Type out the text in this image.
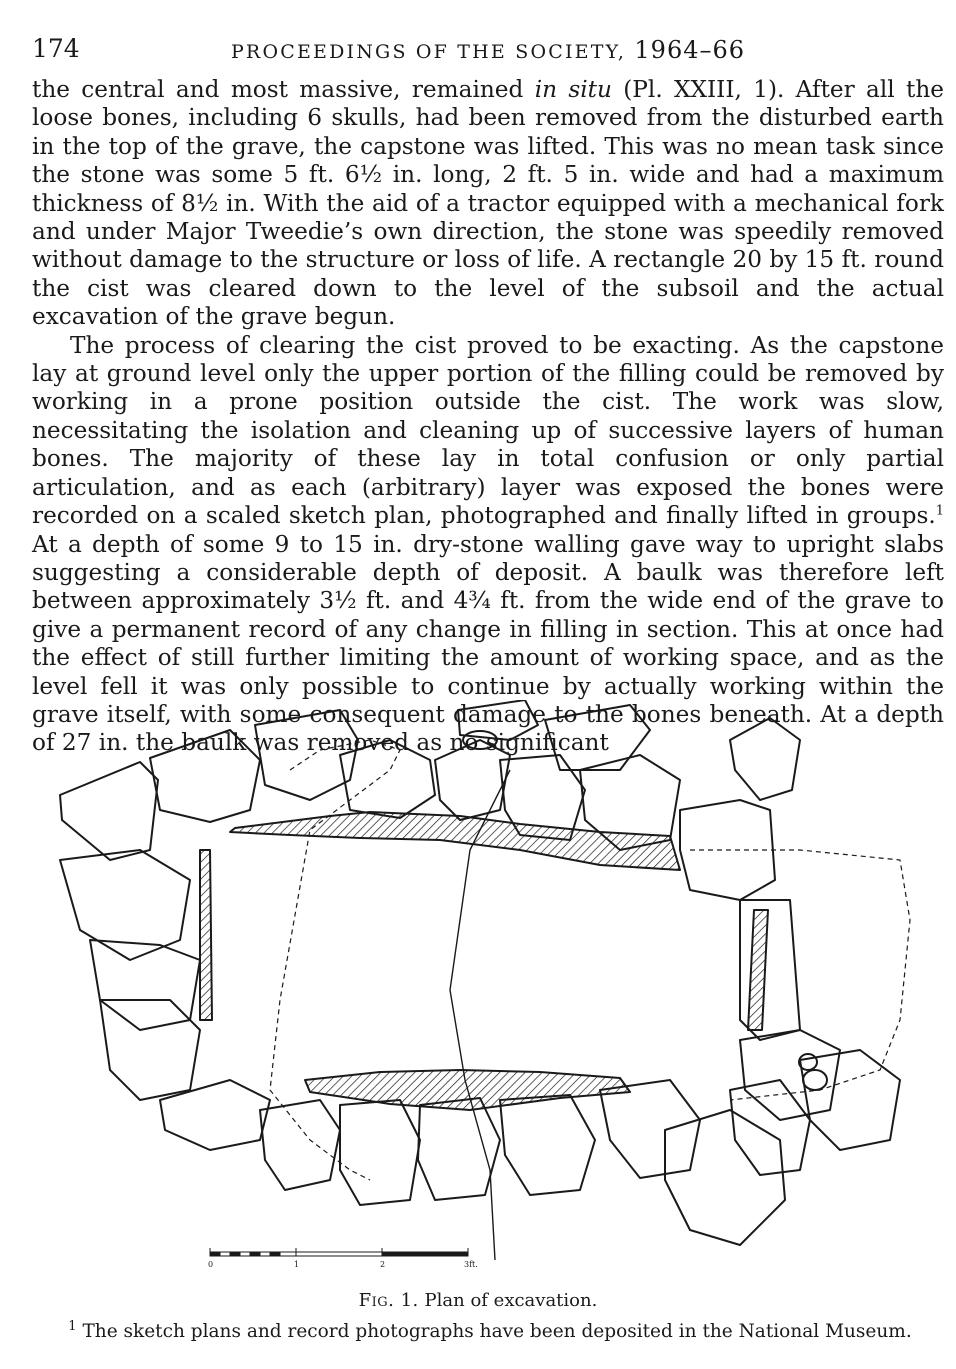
174	PROCEEDINGS OF THE SOCIETY, 1964–66

the central and most massive, remained in situ (Pl. XXIII, 1). After all the loose bones, including 6 skulls, had been removed from the disturbed earth in the top of the grave, the capstone was lifted. This was no mean task since the stone was some 5 ft. 6½ in. long, 2 ft. 5 in. wide and had a maximum thickness of 8½ in. With the aid of a tractor equipped with a mechanical fork and under Major Tweedie’s own direction, the stone was speedily removed without damage to the structure or loss of life. A rectangle 20 by 15 ft. round the cist was cleared down to the level of the subsoil and the actual excavation of the grave begun.

The process of clearing the cist proved to be exacting. As the capstone lay at ground level only the upper portion of the filling could be removed by working in a prone position outside the cist. The work was slow, necessitating the isolation and cleaning up of successive layers of human bones. The majority of these lay in total confusion or only partial articulation, and as each (arbitrary) layer was exposed the bones were recorded on a scaled sketch plan, photographed and finally lifted in groups.$^1$ At a depth of some 9 to 15 in. dry-stone walling gave way to upright slabs suggesting a considerable depth of deposit. A baulk was therefore left between approximately 3½ ft. and 4¾ ft. from the wide end of the grave to give a permanent record of any change in filling in section. This at once had the effect of still further limiting the amount of working space, and as the level fell it was only possible to continue by actually working within the grave itself, with some consequent damage to the bones beneath. At a depth of 27 in. the baulk was removed as no significant

0	1	2	3ft.
Fig. 1. Plan of excavation.
$^1$ The sketch plans and record photographs have been deposited in the National Museum.
